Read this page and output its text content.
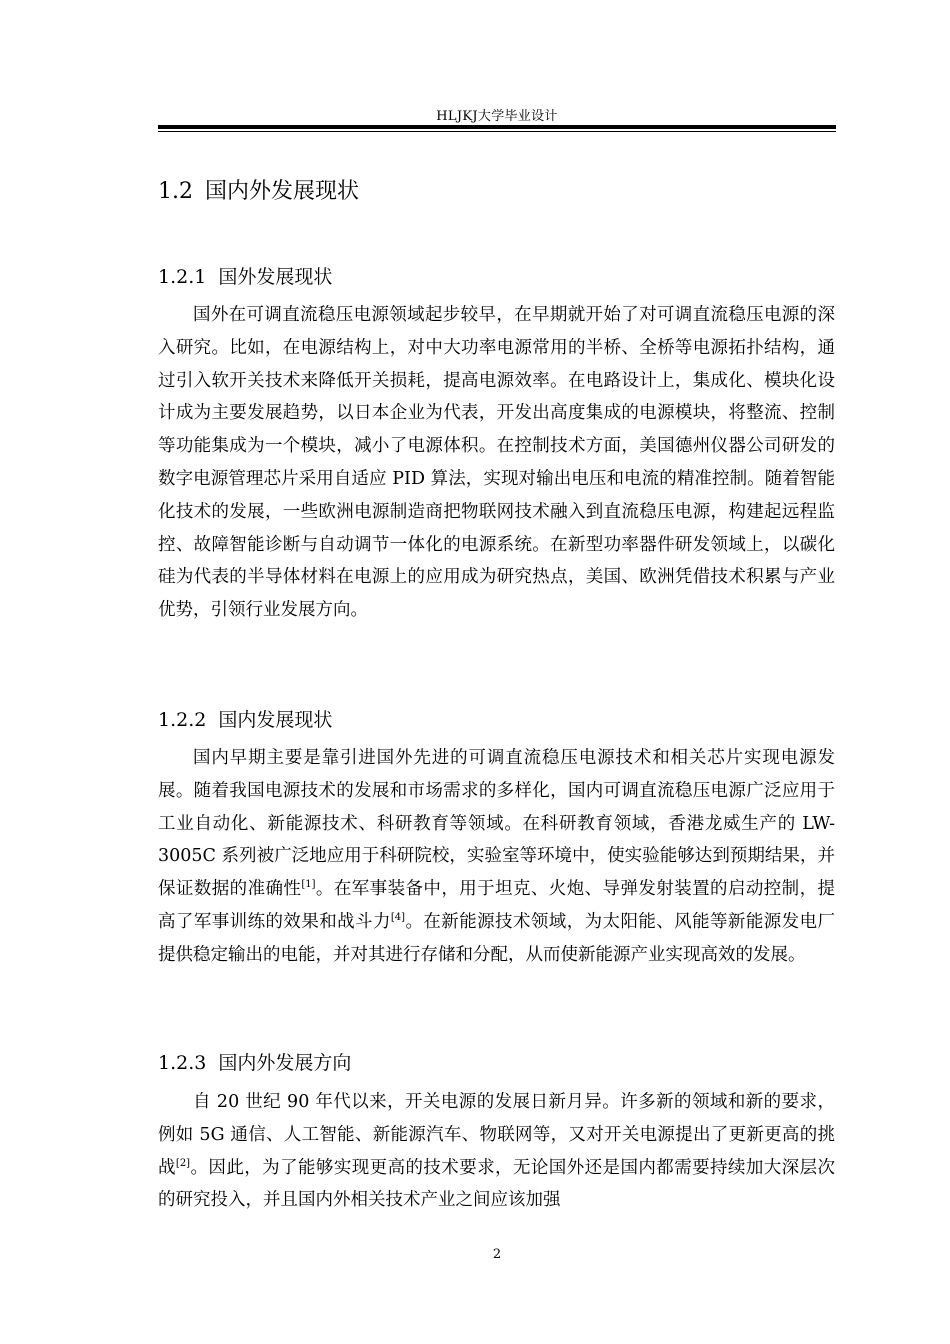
HLJKJ大学毕业设计
1.2 国内外发展现状
1.2.1 国外发展现状

国外在可调直流稳压电源领域起步较早，在早期就开始了对可调直流稳压电源的深入研究。比如，在电源结构上，对中大功率电源常用的半桥、全桥等电源拓扑结构，通过引入软开关技术来降低开关损耗，提高电源效率。在电路设计上，集成化、模块化设计成为主要发展趋势，以日本企业为代表，开发出高度集成的电源模块，将整流、控制等功能集成为一个模块，减小了电源体积。在控制技术方面，美国德州仪器公司研发的数字电源管理芯片采用自适应 PID 算法，实现对输出电压和电流的精准控制。随着智能化技术的发展，一些欧洲电源制造商把物联网技术融入到直流稳压电源，构建起远程监控、故障智能诊断与自动调节一体化的电源系统。在新型功率器件研发领域上，以碳化硅为代表的半导体材料在电源上的应用成为研究热点，美国、欧洲凭借技术积累与产业优势，引领行业发展方向。

1.2.2 国内发展现状

国内早期主要是靠引进国外先进的可调直流稳压电源技术和相关芯片实现电源发展。随着我国电源技术的发展和市场需求的多样化，国内可调直流稳压电源广泛应用于工业自动化、新能源技术、科研教育等领域。在科研教育领域，香港龙威生产的 LW-3005C 系列被广泛地应用于科研院校，实验室等环境中，使实验能够达到预期结果，并保证数据的准确性[1]。在军事装备中，用于坦克、火炮、导弹发射装置的启动控制，提高了军事训练的效果和战斗力[4]。在新能源技术领域，为太阳能、风能等新能源发电厂提供稳定输出的电能，并对其进行存储和分配，从而使新能源产业实现高效的发展。

1.2.3 国内外发展方向

自 20 世纪 90 年代以来，开关电源的发展日新月异。许多新的领域和新的要求，例如 5G 通信、人工智能、新能源汽车、物联网等，又对开关电源提出了更新更高的挑战[2]。因此，为了能够实现更高的技术要求，无论国外还是国内都需要持续加大深层次的研究投入，并且国内外相关技术产业之间应该加强

2
